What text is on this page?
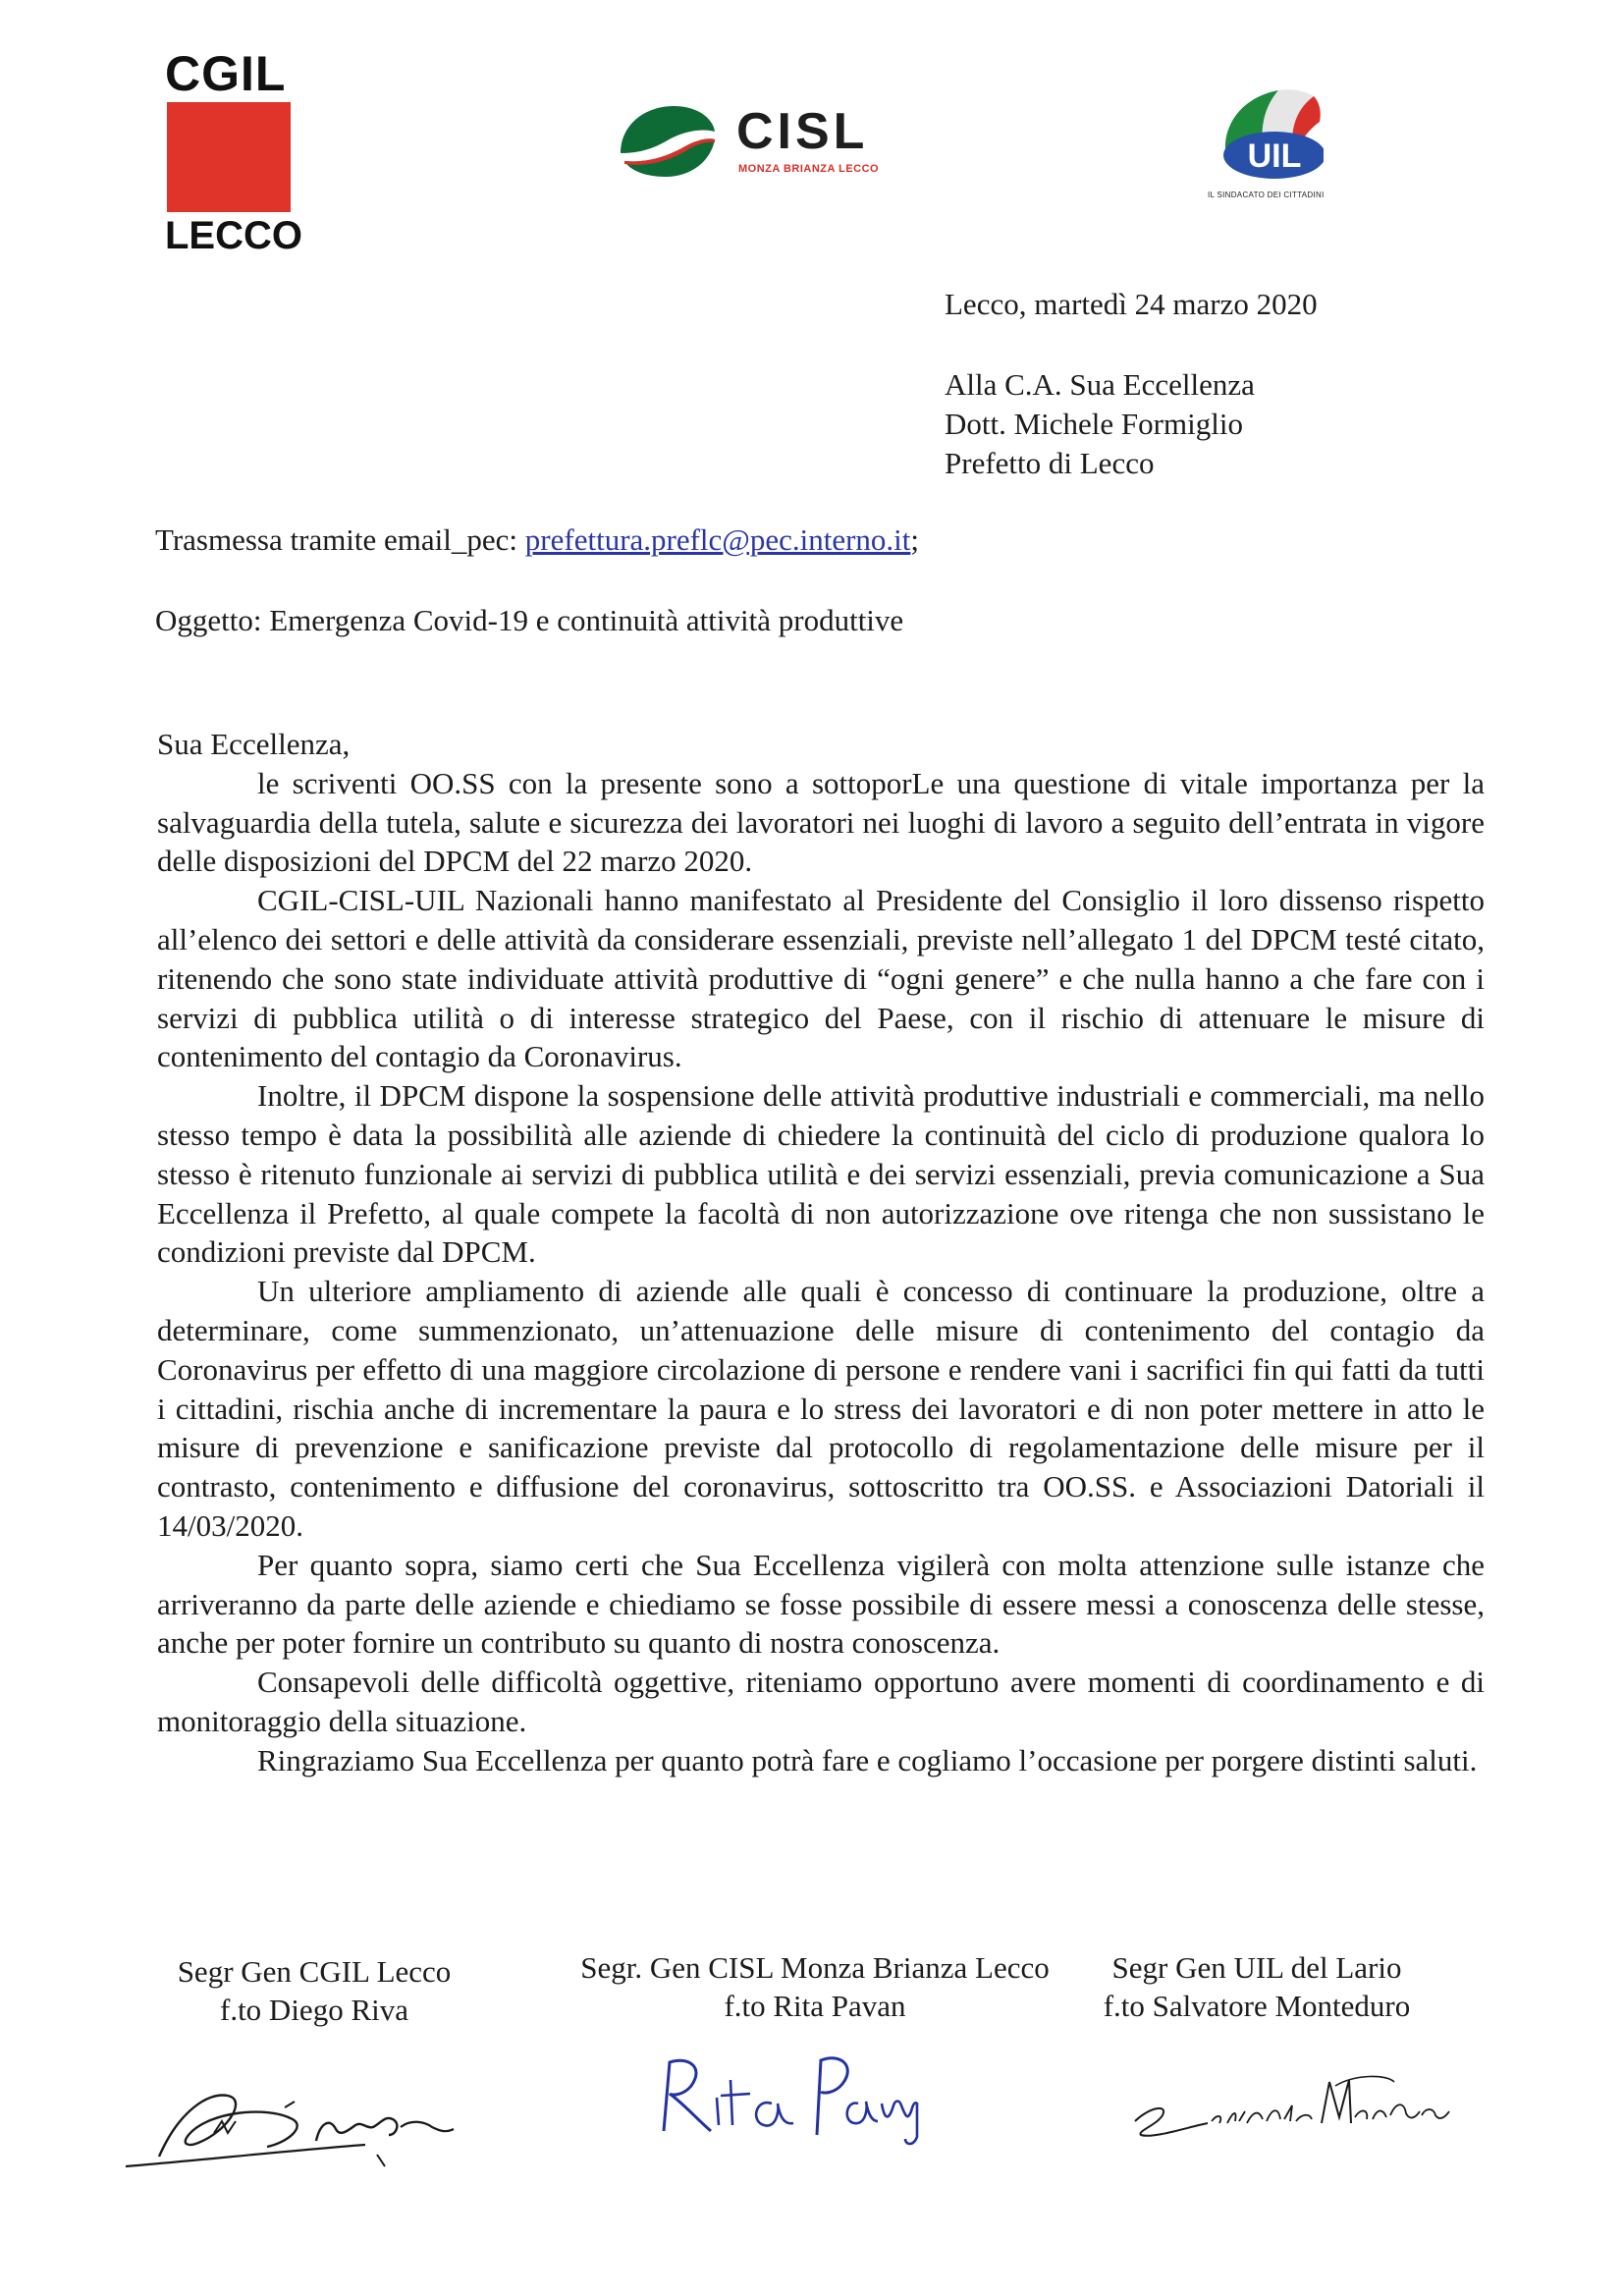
CGIL
LECCO
CISL
MONZA BRIANZA LECCO	UIL
IL SINDACATO DEI CITTADINI
Lecco, martedì 24 marzo 2020
Alla C.A. Sua Eccellenza
Dott. Michele Formiglio
Prefetto di Lecco
Trasmessa tramite email_pec: prefettura.preflc@pec.interno.it;
Oggetto: Emergenza Covid-19 e continuità attività produttive

Sua Eccellenza,

le scriventi OO.SS con la presente sono a sottoporLe una questione di vitale importanza per la salvaguardia della tutela, salute e sicurezza dei lavoratori nei luoghi di lavoro a seguito dell’entrata in vigore delle disposizioni del DPCM del 22 marzo 2020.

CGIL-CISL-UIL Nazionali hanno manifestato al Presidente del Consiglio il loro dissenso rispetto all’elenco dei settori e delle attività da considerare essenziali, previste nell’allegato 1 del DPCM testé citato, ritenendo che sono state individuate attività produttive di “ogni genere” e che nulla hanno a che fare con i servizi di pubblica utilità o di interesse strategico del Paese, con il rischio di attenuare le misure di contenimento del contagio da Coronavirus.

Inoltre, il DPCM dispone la sospensione delle attività produttive industriali e commerciali, ma nello stesso tempo è data la possibilità alle aziende di chiedere la continuità del ciclo di produzione qualora lo stesso è ritenuto funzionale ai servizi di pubblica utilità e dei servizi essenziali, previa comunicazione a Sua Eccellenza il Prefetto, al quale compete la facoltà di non autorizzazione ove ritenga che non sussistano le condizioni previste dal DPCM.

Un ulteriore ampliamento di aziende alle quali è concesso di continuare la produzione, oltre a determinare, come summenzionato, un’attenuazione delle misure di contenimento del contagio da Coronavirus per effetto di una maggiore circolazione di persone e rendere vani i sacrifici fin qui fatti da tutti i cittadini, rischia anche di incrementare la paura e lo stress dei lavoratori e di non poter mettere in atto le misure di prevenzione e sanificazione previste dal protocollo di regolamentazione delle misure per il contrasto, contenimento e diffusione del coronavirus, sottoscritto tra OO.SS. e Associazioni Datoriali il 14/03/2020.

Per quanto sopra, siamo certi che Sua Eccellenza vigilerà con molta attenzione sulle istanze che arriveranno da parte delle aziende e chiediamo se fosse possibile di essere messi a conoscenza delle stesse, anche per poter fornire un contributo su quanto di nostra conoscenza.

Consapevoli delle difficoltà oggettive, riteniamo opportuno avere momenti di coordinamento e di monitoraggio della situazione.

Ringraziamo Sua Eccellenza per quanto potrà fare e cogliamo l’occasione per porgere distinti saluti.

Segr Gen CGIL Lecco
f.to Diego Riva
Segr. Gen CISL Monza Brianza Lecco
f.to Rita Pavan
Segr Gen UIL del Lario
f.to Salvatore Monteduro
